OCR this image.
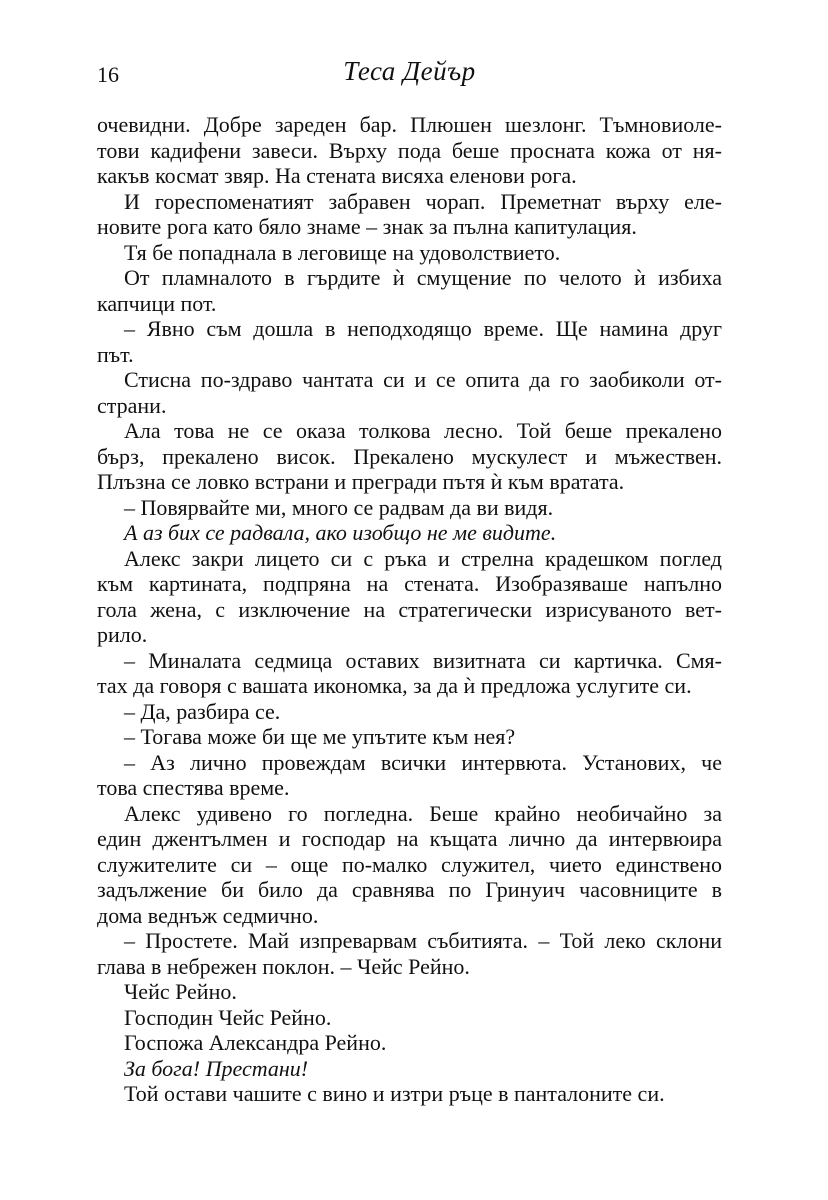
16	Теса Дейър
очевидни. Добре зареден бар. Плюшен шезлонг. Тъмновиоле-
тови кадифени завеси. Върху пода беше просната кожа от ня-
какъв космат звяр. На стената висяха еленови рога.
И гореспоменатият забравен чорап. Преметнат върху еле-
новите рога като бяло знаме – знак за пълна капитулация.
Тя бе попаднала в леговище на удоволствието.
От пламналото в гърдите ѝ смущение по челото ѝ избиха
капчици пот.
– Явно съм дошла в неподходящо време. Ще намина друг
път.
Стисна по-здраво чантата си и се опита да го заобиколи от-
страни.
Ала това не се оказа толкова лесно. Той беше прекалено
бърз, прекалено висок. Прекалено мускулест и мъжествен.
Плъзна се ловко встрани и прегради пътя ѝ към вратата.
– Повярвайте ми, много се радвам да ви видя.
А аз бих се радвала, ако изобщо не ме видите.
Алекс закри лицето си с ръка и стрелна крадешком поглед
към картината, подпряна на стената. Изобразяваше напълно
гола жена, с изключение на стратегически изрисуваното вет-
рило.
– Миналата седмица оставих визитната си картичка. Смя-
тах да говоря с вашата икономка, за да ѝ предложа услугите си.
– Да, разбира се.
– Тогава може би ще ме упътите към нея?
– Аз лично провеждам всички интервюта. Установих, че
това спестява време.
Алекс удивено го погледна. Беше крайно необичайно за
един джентълмен и господар на къщата лично да интервюира
служителите си – още по-малко служител, чието единствено
задължение би било да сравнява по Гринуич часовниците в
дома веднъж седмично.
– Простете. Май изпреварвам събитията. – Той леко склони
глава в небрежен поклон. – Чейс Рейно.
Чейс Рейно.
Господин Чейс Рейно.
Госпожа Александра Рейно.
За бога! Престани!
Той остави чашите с вино и изтри ръце в панталоните си.
